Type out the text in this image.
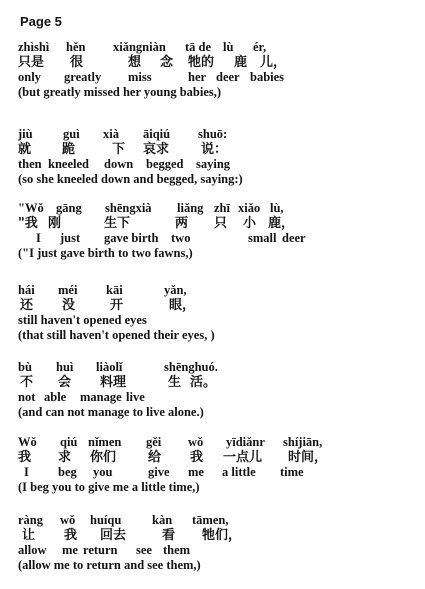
Page 5
zhìshì hěn xiǎngniàn tā de lù ér,
只是 很	想 念 牠的 鹿 儿，
only greatly miss	her deer babies
(but greatly missed her young babies,)
jiù guì xià āiqiú shuō:
就 跪	下 哀求 说：
then kneeled down begged saying
(so she kneeled down and begged, saying:)
"Wǒ gāng shēngxià liǎng zhī xiǎo lù,
"我 刚	生下	两 只 小 鹿，
I just gave birth two	small deer
("I just gave birth to two fawns,)
hái méi kāi	yǎn,
还 没	开	眼，
still haven't opened eyes
(that still haven't opened their eyes, )
bù huì liàolǐ	shēnghuó.
不 会 料理	生 活。
not able manage live
(and can not manage to live alone.)
Wǒ qiú nǐmen gěi wǒ yīdiǎnr shíjiān,
我 求 你们 给 我 一点儿 时间，
I beg you	give me a little time
(I beg you to give me a little time,)
ràng wǒ huíqu kàn tāmen,
让 我 回去	看 牠们，
allow me return see them
(allow me to return and see them,)
